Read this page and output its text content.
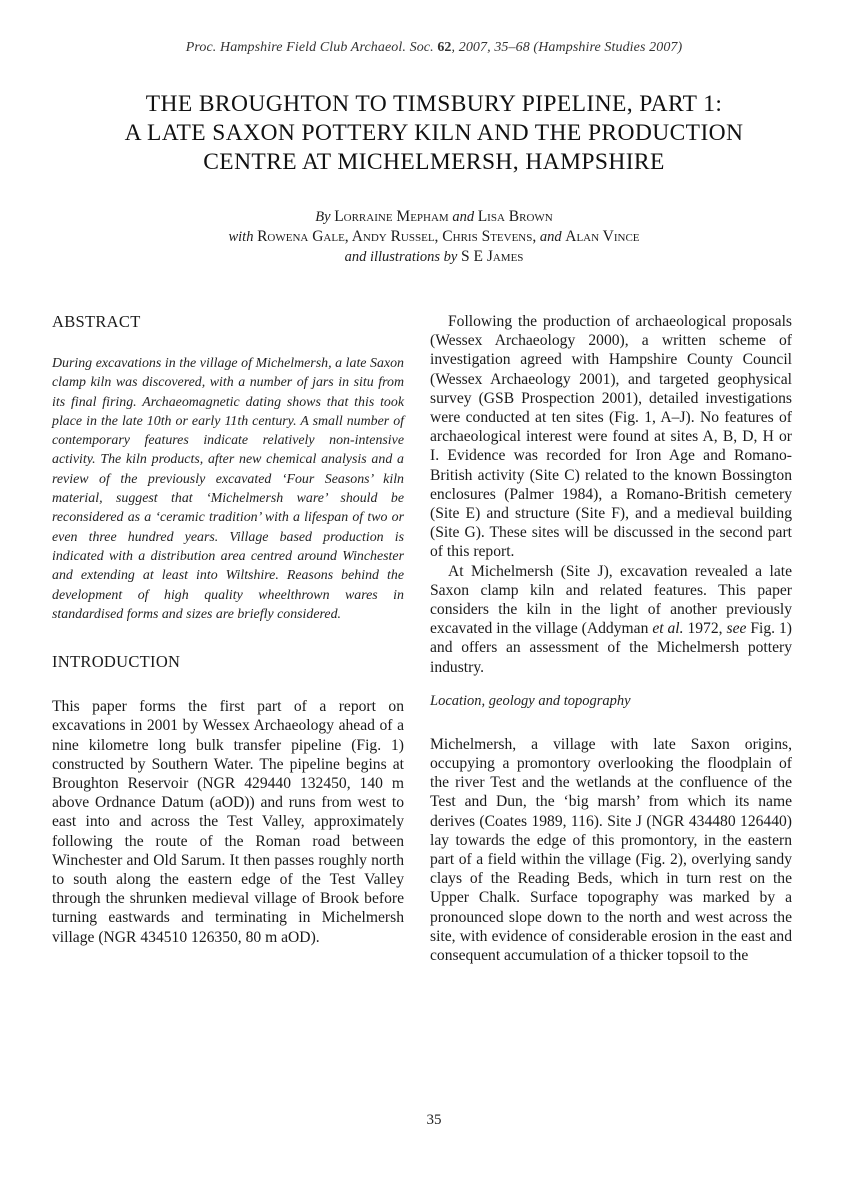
Proc. Hampshire Field Club Archaeol. Soc. 62, 2007, 35–68 (Hampshire Studies 2007)
THE BROUGHTON TO TIMSBURY PIPELINE, PART 1:
A LATE SAXON POTTERY KILN AND THE PRODUCTION
CENTRE AT MICHELMERSH, HAMPSHIRE
By Lorraine Mepham and Lisa Brown
with Rowena Gale, Andy Russel, Chris Stevens, and Alan Vince
and illustrations by S E James
ABSTRACT

During excavations in the village of Michelmersh, a late Saxon clamp kiln was discovered, with a number of jars in situ from its final firing. Archaeomagnetic dating shows that this took place in the late 10th or early 11th century. A small number of contemporary features indicate relatively non-intensive activity. The kiln products, after new chemical analysis and a review of the previously excavated ‘Four Seasons’ kiln material, suggest that ‘Michelmersh ware’ should be reconsidered as a ‘ceramic tradition’ with a lifespan of two or even three hundred years. Village based production is indicated with a distribution area centred around Winchester and extending at least into Wiltshire. Reasons behind the development of high quality wheelthrown wares in standardised forms and sizes are briefly considered.

INTRODUCTION

This paper forms the first part of a report on excavations in 2001 by Wessex Archaeology ahead of a nine kilometre long bulk transfer pipeline (Fig. 1) constructed by Southern Water. The pipeline begins at Broughton Reservoir (NGR 429440 132450, 140 m above Ordnance Datum (aOD)) and runs from west to east into and across the Test Valley, approximately following the route of the Roman road between Winchester and Old Sarum. It then passes roughly north to south along the eastern edge of the Test Valley through the shrunken medieval village of Brook before turning eastwards and terminating in Michelmersh village (NGR 434510 126350, 80 m aOD).

Following the production of archaeological proposals (Wessex Archaeology 2000), a written scheme of investigation agreed with Hampshire County Council (Wessex Archaeology 2001), and targeted geophysical survey (GSB Prospection 2001), detailed investigations were conducted at ten sites (Fig. 1, A–J). No features of archaeological interest were found at sites A, B, D, H or I. Evidence was recorded for Iron Age and Romano-British activity (Site C) related to the known Bossington enclosures (Palmer 1984), a Romano-British cemetery (Site E) and structure (Site F), and a medieval building (Site G). These sites will be discussed in the second part of this report.

At Michelmersh (Site J), excavation revealed a late Saxon clamp kiln and related features. This paper considers the kiln in the light of another previously excavated in the village (Addyman et al. 1972, see Fig. 1) and offers an assessment of the Michelmersh pottery industry.

Location, geology and topography

Michelmersh, a village with late Saxon origins, occupying a promontory overlooking the floodplain of the river Test and the wetlands at the confluence of the Test and Dun, the ‘big marsh’ from which its name derives (Coates 1989, 116). Site J (NGR 434480 126440) lay towards the edge of this promontory, in the eastern part of a field within the village (Fig. 2), overlying sandy clays of the Reading Beds, which in turn rest on the Upper Chalk. Surface topography was marked by a pronounced slope down to the north and west across the site, with evidence of considerable erosion in the east and consequent accumulation of a thicker topsoil to the

35
